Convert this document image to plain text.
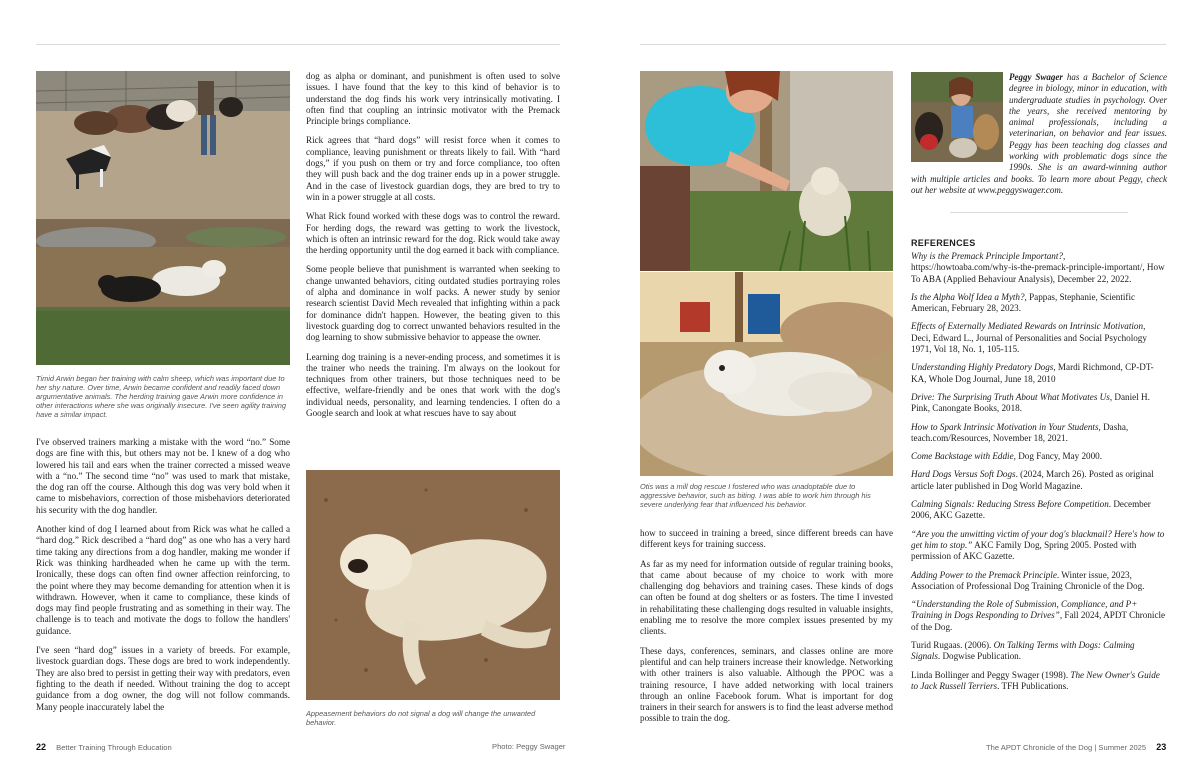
Timid Arwin began her training with calm sheep, which was important due to her shy nature. Over time, Arwin became confident and readily faced down argumentative animals. The herding training gave Arwin more confidence in other interactions where she was originally insecure. I've seen agility training have a similar impact.

I've observed trainers marking a mistake with the word “no.” Some dogs are fine with this, but others may not be. I knew of a dog who lowered his tail and ears when the trainer corrected a missed weave with a “no.” The second time “no” was used to mark that mistake, the dog ran off the course. Although this dog was very bold when it came to misbehaviors, correction of those misbehaviors deteriorated his security with the dog handler.

Another kind of dog I learned about from Rick was what he called a “hard dog.” Rick described a “hard dog” as one who has a very hard time taking any directions from a dog handler, making me wonder if Rick was thinking hardheaded when he came up with the term. Ironically, these dogs can often find owner affection reinforcing, to the point where they may become demanding for attention when it is withdrawn. However, when it came to compliance, these kinds of dogs may find people frustrating and as something in their way. The challenge is to teach and motivate the dogs to follow the handlers' guidance.

I've seen “hard dog” issues in a variety of breeds. For example, livestock guardian dogs. These dogs are bred to work independently. They are also bred to persist in getting their way with predators, even fighting to the death if needed. Without training the dog to accept guidance from a dog owner, the dog will not follow commands. Many people inaccurately label the

dog as alpha or dominant, and punishment is often used to solve issues. I have found that the key to this kind of behavior is to understand the dog finds his work very intrinsically motivating. I often find that coupling an intrinsic motivator with the Premack Principle brings compliance.

Rick agrees that “hard dogs” will resist force when it comes to compliance, leaving punishment or threats likely to fail. With “hard dogs,” if you push on them or try and force compliance, too often they will push back and the dog trainer ends up in a power struggle. And in the case of livestock guardian dogs, they are bred to try to win in a power struggle at all costs.

What Rick found worked with these dogs was to control the reward. For herding dogs, the reward was getting to work the livestock, which is often an intrinsic reward for the dog. Rick would take away the herding opportunity until the dog earned it back with compliance.

Some people believe that punishment is warranted when seeking to change unwanted behaviors, citing outdated studies portraying roles of alpha and dominance in wolf packs. A newer study by senior research scientist David Mech revealed that infighting within a pack for dominance didn't happen. However, the beating given to this livestock guarding dog to correct unwanted behaviors resulted in the dog learning to show submissive behavior to appease the owner.

Learning dog training is a never-ending process, and sometimes it is the trainer who needs the training. I'm always on the lookout for techniques from other trainers, but those techniques need to be effective, welfare-friendly and be ones that work with the dog's individual needs, personality, and learning tendencies. I often do a Google search and look at what rescues have to say about

Appeasement behaviors do not signal a dog will change the unwanted behavior.
22 Better Training Through Education	Photo: Peggy Swager
Otis was a mill dog rescue I fostered who was unadoptable due to aggressive behavior, such as biting. I was able to work him through his severe underlying fear that influenced his behavior.

how to succeed in training a breed, since different breeds can have different keys for training success.

As far as my need for information outside of regular training books, that came about because of my choice to work with more challenging dog behaviors and training cases. These kinds of dogs can often be found at dog shelters or as fosters. The time I invested in rehabilitating these challenging dogs resulted in valuable insights, enabling me to resolve the more complex issues presented by my clients.

These days, conferences, seminars, and classes online are more plentiful and can help trainers increase their knowledge. Networking with other trainers is also valuable. Although the PPOC was a training resource, I have added networking with local trainers through an online Facebook forum. What is important for dog trainers in their search for answers is to find the least adverse method possible to train the dog.

Peggy Swager has a Bachelor of Science degree in biology, minor in education, with undergraduate studies in psychology. Over the years, she received mentoring by animal professionals, including a veterinarian, on behavior and fear issues. Peggy has been teaching dog classes and working with problematic dogs since the 1990s. She is an award-winning author with multiple articles and books. To learn more about Peggy, check out her website at www.peggyswager.com.
REFERENCES

Why is the Premack Principle Important?, https://howtoaba.com/why-is-the-premack-principle-important/, How To ABA (Applied Behaviour Analysis), December 22, 2022.

Is the Alpha Wolf Idea a Myth?, Pappas, Stephanie, Scientific American, February 28, 2023.

Effects of Externally Mediated Rewards on Intrinsic Motivation, Deci, Edward L., Journal of Personalities and Social Psychology 1971, Vol 18, No. 1, 105-115.

Understanding Highly Predatory Dogs, Mardi Richmond, CP-DT-KA, Whole Dog Journal, June 18, 2010

Drive: The Surprising Truth About What Motivates Us, Daniel H. Pink, Canongate Books, 2018.

How to Spark Intrinsic Motivation in Your Students, Dasha, teach.com/Resources, November 18, 2021.

Come Backstage with Eddie, Dog Fancy, May 2000.

Hard Dogs Versus Soft Dogs. (2024, March 26). Posted as original article later published in Dog World Magazine.

Calming Signals: Reducing Stress Before Competition. December 2006, AKC Gazette.

“Are you the unwitting victim of your dog's blackmail? Here's how to get him to stop.” AKC Family Dog, Spring 2005. Posted with permission of AKC Gazette.

Adding Power to the Premack Principle. Winter issue, 2023, Association of Professional Dog Training Chronicle of the Dog.

“Understanding the Role of Submission, Compliance, and P+ Training in Dogs Responding to Drives”, Fall 2024, APDT Chronicle of the Dog.

Turid Rugaas. (2006). On Talking Terms with Dogs: Calming Signals. Dogwise Publication.

Linda Bollinger and Peggy Swager (1998). The New Owner's Guide to Jack Russell Terriers. TFH Publications.

The APDT Chronicle of the Dog | Summer 2025 23
